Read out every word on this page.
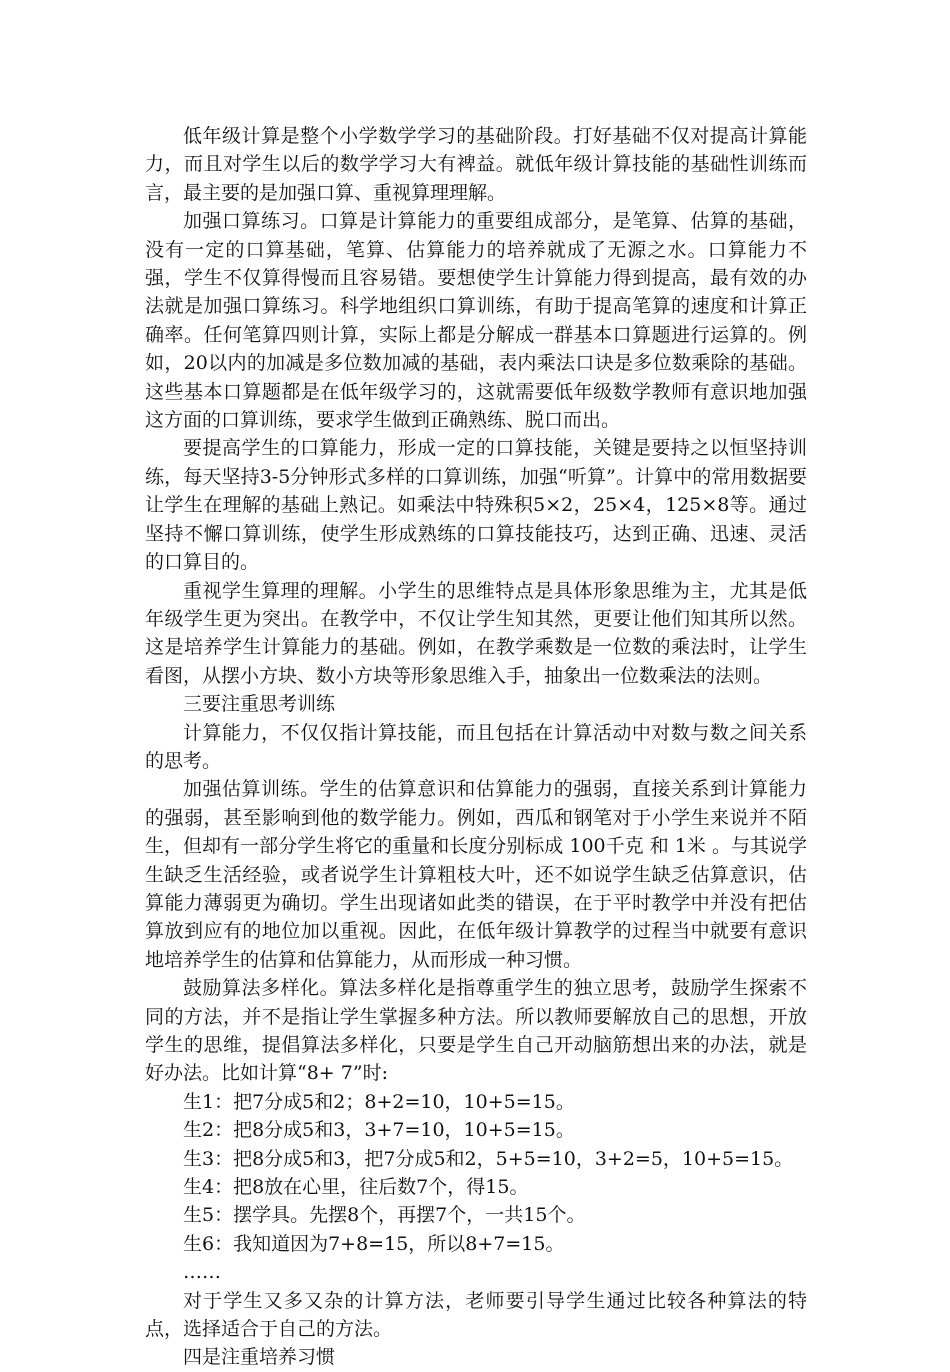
低年级计算是整个小学数学学习的基础阶段。打好基础不仅对提高计算能力，而且对学生以后的数学学习大有裨益。就低年级计算技能的基础性训练而言，最主要的是加强口算、重视算理理解。

加强口算练习。口算是计算能力的重要组成部分，是笔算、估算的基础，没有一定的口算基础，笔算、估算能力的培养就成了无源之水。口算能力不强，学生不仅算得慢而且容易错。要想使学生计算能力得到提高，最有效的办法就是加强口算练习。科学地组织口算训练，有助于提高笔算的速度和计算正确率。任何笔算四则计算，实际上都是分解成一群基本口算题进行运算的。例如，20以内的加减是多位数加减的基础，表内乘法口诀是多位数乘除的基础。这些基本口算题都是在低年级学习的，这就需要低年级数学教师有意识地加强这方面的口算训练，要求学生做到正确熟练、脱口而出。

要提高学生的口算能力，形成一定的口算技能，关键是要持之以恒坚持训练，每天坚持3-5分钟形式多样的口算训练，加强“听算”。计算中的常用数据要让学生在理解的基础上熟记。如乘法中特殊积5×2，25×4，125×8等。通过坚持不懈口算训练，使学生形成熟练的口算技能技巧，达到正确、迅速、灵活的口算目的。

重视学生算理的理解。小学生的思维特点是具体形象思维为主，尤其是低年级学生更为突出。在教学中，不仅让学生知其然，更要让他们知其所以然。这是培养学生计算能力的基础。例如，在教学乘数是一位数的乘法时，让学生看图，从摆小方块、数小方块等形象思维入手，抽象出一位数乘法的法则。

三要注重思考训练

计算能力，不仅仅指计算技能，而且包括在计算活动中对数与数之间关系的思考。

加强估算训练。学生的估算意识和估算能力的强弱，直接关系到计算能力的强弱，甚至影响到他的数学能力。例如，西瓜和钢笔对于小学生来说并不陌生，但却有一部分学生将它的重量和长度分别标成 100千克 和 1米 。与其说学生缺乏生活经验，或者说学生计算粗枝大叶，还不如说学生缺乏估算意识，估算能力薄弱更为确切。学生出现诸如此类的错误，在于平时教学中并没有把估算放到应有的地位加以重视。因此，在低年级计算教学的过程当中就要有意识地培养学生的估算和估算能力，从而形成一种习惯。

鼓励算法多样化。算法多样化是指尊重学生的独立思考，鼓励学生探索不同的方法，并不是指让学生掌握多种方法。所以教师要解放自己的思想，开放学生的思维，提倡算法多样化，只要是学生自己开动脑筋想出来的办法，就是好办法。比如计算“8+ 7”时:

生1：把7分成5和2；8+2=10，10+5=15。

生2：把8分成5和3，3+7=10，10+5=15。

生3：把8分成5和3，把7分成5和2，5+5=10，3+2=5，10+5=15。

生4：把8放在心里，往后数7个，得15。

生5：摆学具。先摆8个，再摆7个，一共15个。

生6：我知道因为7+8=15，所以8+7=15。

……

对于学生又多又杂的计算方法，老师要引导学生通过比较各种算法的特点，选择适合于自己的方法。

四是注重培养习惯
